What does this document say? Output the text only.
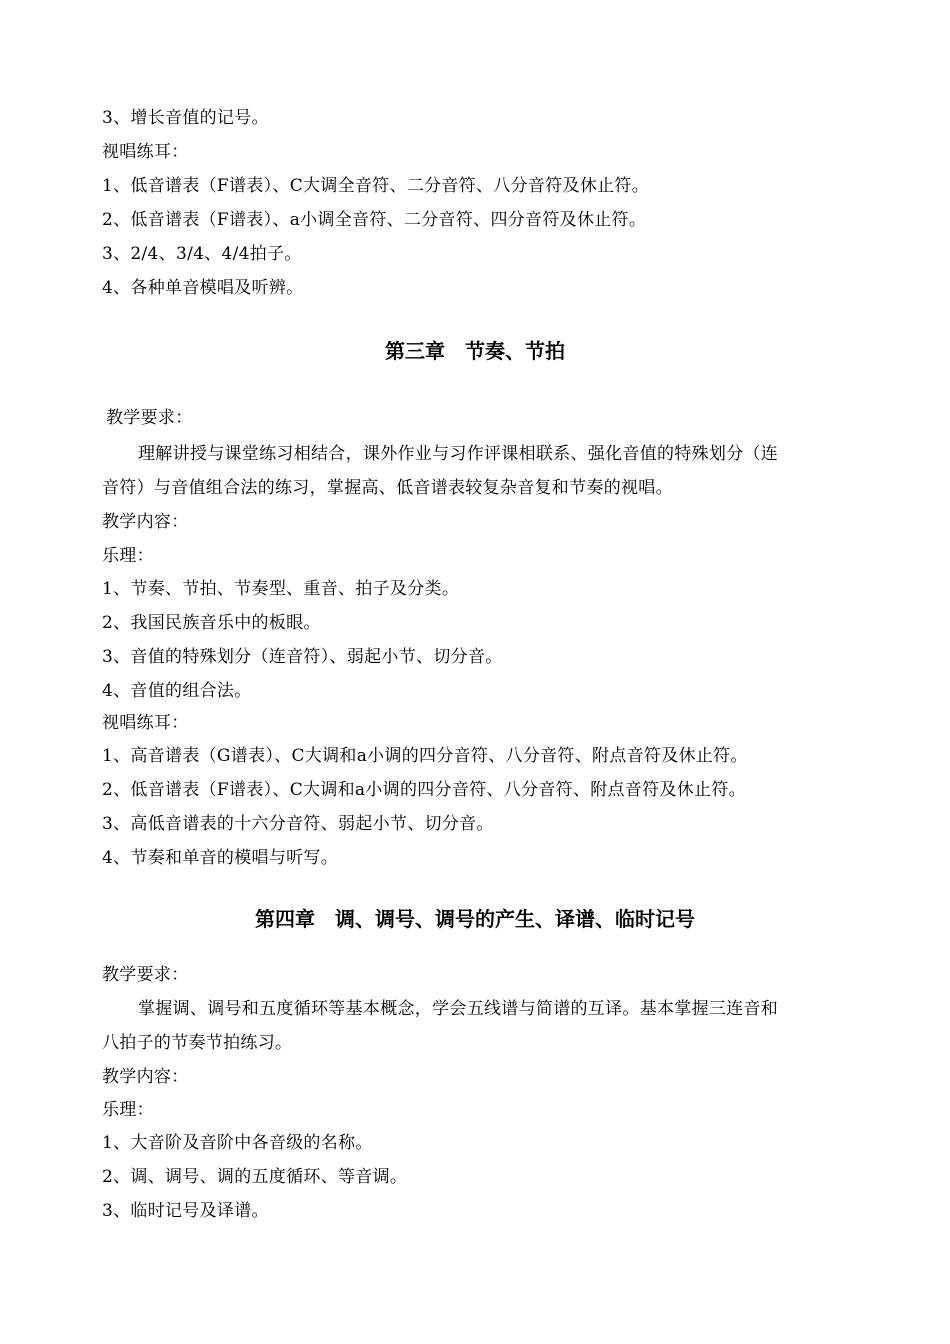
3、增长音值的记号。
视唱练耳：
1、低音谱表（F谱表）、C大调全音符、二分音符、八分音符及休止符。
2、低音谱表（F谱表）、a小调全音符、二分音符、四分音符及休止符。
3、2/4、3/4、4/4拍子。
4、各种单音模唱及听辨。
第三章　节奏、节拍
教学要求：
理解讲授与课堂练习相结合，课外作业与习作评课相联系、强化音值的特殊划分（连
音符）与音值组合法的练习，掌握高、低音谱表较复杂音复和节奏的视唱。
教学内容：
乐理：
1、节奏、节拍、节奏型、重音、拍子及分类。
2、我国民族音乐中的板眼。
3、音值的特殊划分（连音符）、弱起小节、切分音。
4、音值的组合法。
视唱练耳：
1、高音谱表（G谱表）、C大调和a小调的四分音符、八分音符、附点音符及休止符。
2、低音谱表（F谱表）、C大调和a小调的四分音符、八分音符、附点音符及休止符。
3、高低音谱表的十六分音符、弱起小节、切分音。
4、节奏和单音的模唱与听写。
第四章　调、调号、调号的产生、译谱、临时记号
教学要求：
掌握调、调号和五度循环等基本概念，学会五线谱与简谱的互译。基本掌握三连音和
八拍子的节奏节拍练习。
教学内容：
乐理：
1、大音阶及音阶中各音级的名称。
2、调、调号、调的五度循环、等音调。
3、临时记号及译谱。
